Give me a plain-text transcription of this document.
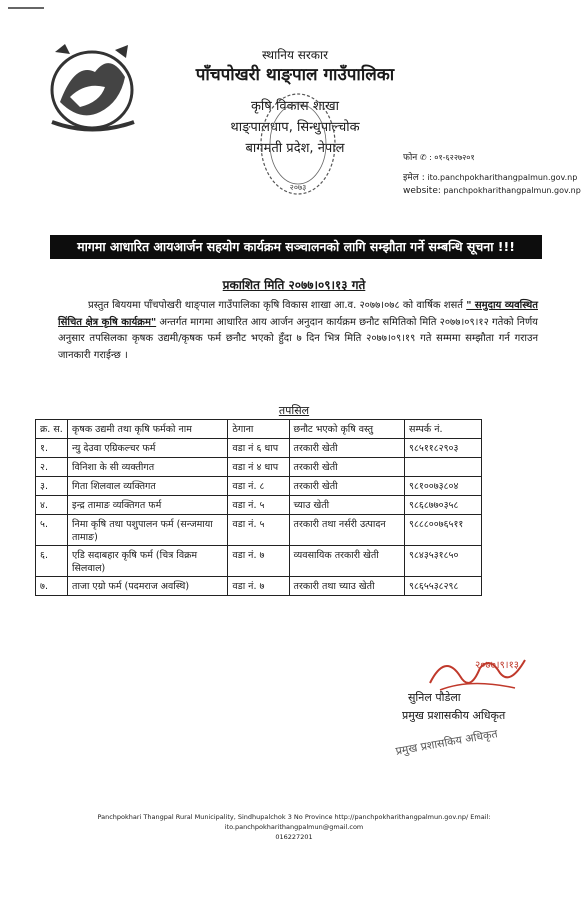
स्थानिय सरकार
पाँचपोखरी थाङ्पाल गाउँपालिका
कृषि विकास शाखा
थाङ्पालधाप, सिन्धुपाल्चोक
बागमती प्रदेश, नेपाल
२०७३
फोन ✆ : ०१-६२२७२०१
इमेल : ito.panchpokharithangpalmun.gov.np
website: panchpokharithangpalmun.gov.np
मागमा आधारित आयआर्जन सहयोग कार्यक्रम सञ्चालनको लागि सम्झौता गर्ने सम्बन्धि सूचना !!!
प्रकाशित मिति २०७७।०९।१३ गते
प्रस्तुत बिययमा पाँचपोखरी थाङ्पाल गाउँपालिका कृषि विकास शाखा आ.व. २०७७।०७८ को वार्षिक शसर्त " समुदाय व्यवस्थित सिंचित क्षेत्र कृषि कार्यक्रम" अन्तर्गत मागमा आधारित आय आर्जन अनुदान कार्यक्रम छनौट समितिको मिति २०७७।०९।१२ गतेको निर्णय अनुसार तपसिलका कृषक उद्यमी/कृषक फर्म छनौट भएको हुँदा ७ दिन भित्र मिति २०७७।०९।१९ गते सम्ममा सम्झौता गर्न गराउन जानकारी गराईन्छ ।
तपसिल
क्र. स.	कृषक उद्यमी तथा कृषि फर्मको नाम	ठेगाना	छनौट भएको कृषि वस्तु	सम्पर्क नं.
१.	न्यु देउवा एग्रिकल्चर फर्म	वडा नं ६ धाप	तरकारी खेती	९८५११८२९०३
२.	विनिशा के सी व्यक्तीगत	वडा नं ४ धाप	तरकारी खेती	
३.	गिता शिलवाल व्यक्तिगत	वडा नं. ८	तरकारी खेती	९८१००७३८०४
४.	इन्द्र तामाङ व्यक्तिगत फर्म	वडा नं. ५	च्याउ खेती	९८६८७७०३५८
५.	निमा कृषि तथा पशुपालन फर्म (सन्जमाया तामाङ)	वडा नं. ५	तरकारी तथा नर्सरी उत्पादन	९८८८००७६५११
६.	एडि सदाबहार कृषि फर्म (चित्र विक्रम सिलवाल)	वडा नं. ७	व्यवसायिक तरकारी खेती	९८४३५३१८५०
७.	ताजा एग्रो फर्म (पदमराज अवस्थि)	वडा नं. ७	तरकारी तथा च्याउ खेती	९८६५५३८२९८
२०७७।९।१३
सुनिल पौडेला
प्रमुख प्रशासकीय अधिकृत
प्रमुख प्रशासकिय अधिकृत
Panchpokhari Thangpal Rural Municipality, Sindhupalchok 3 No Province http://panchpokharithangpalmun.gov.np/ Email: ito.panchpokharithangpalmun@gmail.com
016227201
